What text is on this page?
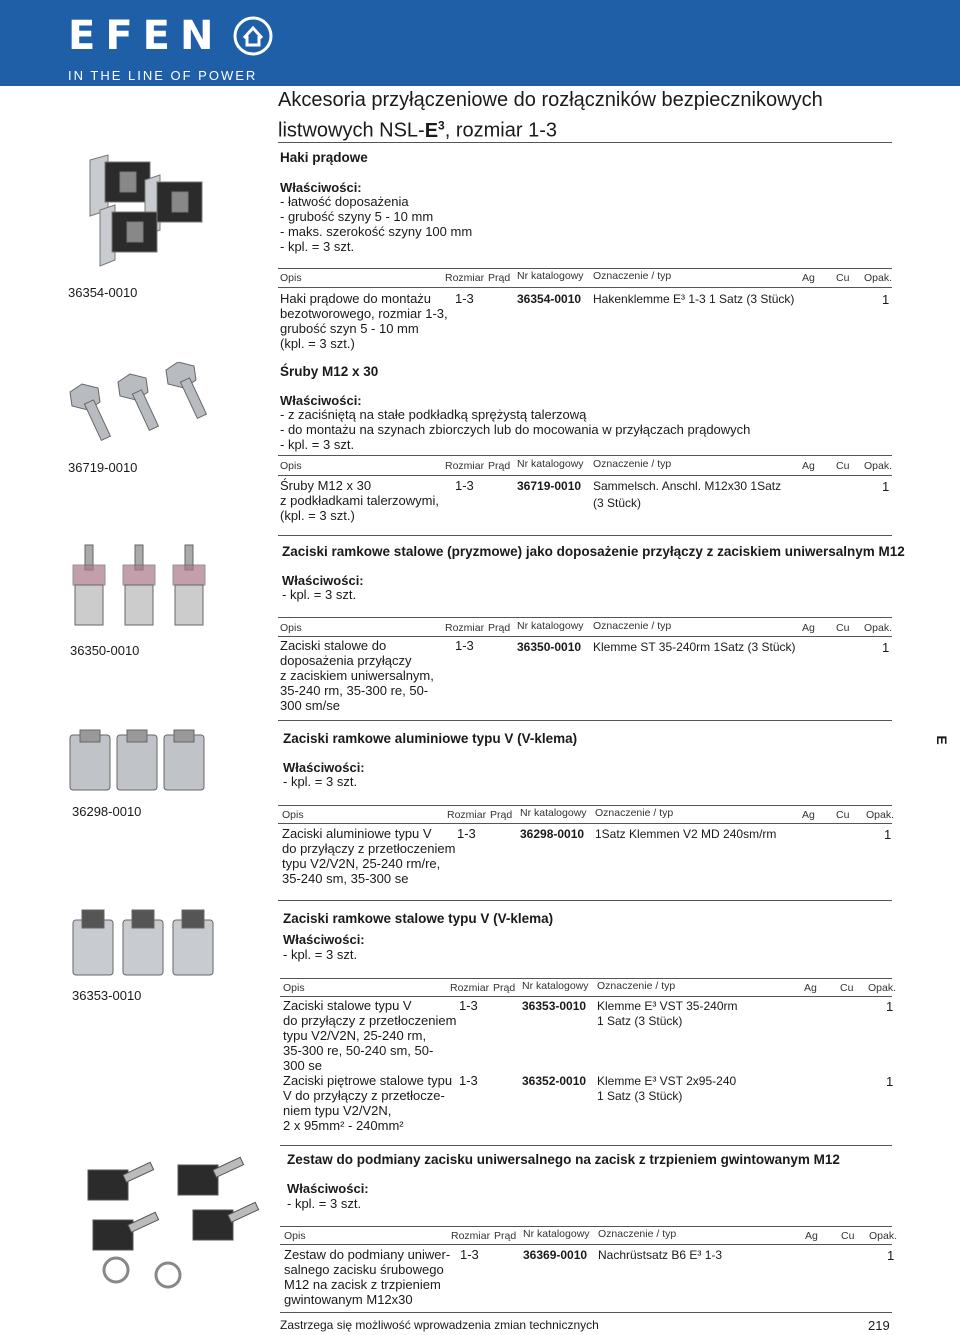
EFEN
IN THE LINE OF POWER
Akcesoria przyłączeniowe do rozłączników bezpiecznikowych
listwowych NSL-$E^3$, rozmiar 1-3
Haki prądowe
Właściwości:
- łatwość doposażenia
- grubość szyny 5 - 10 mm
- maks. szerokość szyny 100 mm
- kpl. = 3 szt.
36354-0010
Opis	Rozmiar Prąd Nr katalogowy Oznaczenie / typ	Ag Cu Opak.
Haki prądowe do montażu
bezotworowego, rozmiar 1-3,
grubość szyn 5 - 10 mm
(kpl. = 3 szt.)
1-3	36354-0010 Hakenklemme E³ 1-3 1 Satz (3 Stück)	1
Śruby M12 x 30
Właściwości:
- z zaciśniętą na stałe podkładką sprężystą talerzową
- do montażu na szynach zbiorczych lub do mocowania w przyłączach prądowych
- kpl. = 3 szt.
36719-0010	Opis	Rozmiar Prąd Nr katalogowy Oznaczenie / typ	Ag Cu Opak.
Śruby M12 x 30
z podkładkami talerzowymi,
(kpl. = 3 szt.)
1-3	36719-0010 Sammelsch. Anschl. M12x30 1Satz
(3 Stück)
1
Zaciski ramkowe stalowe (pryzmowe) jako doposażenie przyłączy z zaciskiem uniwersalnym M12
Właściwości:
- kpl. = 3 szt.
36350-0010
Opis	Rozmiar Prąd Nr katalogowy Oznaczenie / typ	Ag Cu Opak.
Zaciski stalowe do
doposażenia przyłączy
z zaciskiem uniwersalnym,
35-240 rm, 35-300 re, 50-
300 sm/se
1-3	36350-0010 Klemme ST 35-240rm 1Satz (3 Stück)	1
E
Zaciski ramkowe aluminiowe typu V (V-klema)
Właściwości:
- kpl. = 3 szt.
36298-0010	Opis	Rozmiar Prąd Nr katalogowy Oznaczenie / typ	Ag Cu Opak.
Zaciski aluminiowe typu V
do przyłączy z przetłoczeniem
typu V2/V2N, 25-240 rm/re,
35-240 sm, 35-300 se
1-3	36298-0010 1Satz Klemmen V2 MD 240sm/rm	1
Zaciski ramkowe stalowe typu V (V-klema)
Właściwości:
- kpl. = 3 szt.
36353-0010	Opis	Rozmiar Prąd Nr katalogowy Oznaczenie / typ	Ag Cu Opak.
Zaciski stalowe typu V
do przyłączy z przetłoczeniem
typu V2/V2N, 25-240 rm,
35-300 re, 50-240 sm, 50-
300 se
1-3	36353-0010 Klemme E³ VST 35-240rm
1 Satz (3 Stück)
1
Zaciski piętrowe stalowe typu
V do przyłączy z przetłocze-
niem typu V2/V2N,
2 x 95mm² - 240mm²
1-3	36352-0010 Klemme E³ VST 2x95-240
1 Satz (3 Stück)
1
Zestaw do podmiany zacisku uniwersalnego na zacisk z trzpieniem gwintowanym M12
Właściwości:
- kpl. = 3 szt.
Opis	Rozmiar Prąd Nr katalogowy Oznaczenie / typ	Ag Cu Opak.
Zestaw do podmiany uniwer-
salnego zacisku śrubowego
M12 na zacisk z trzpieniem
gwintowanym M12x30
1-3	36369-0010 Nachrüstsatz B6 E³ 1-3	1
Zastrzega się możliwość wprowadzenia zmian technicznych	219
